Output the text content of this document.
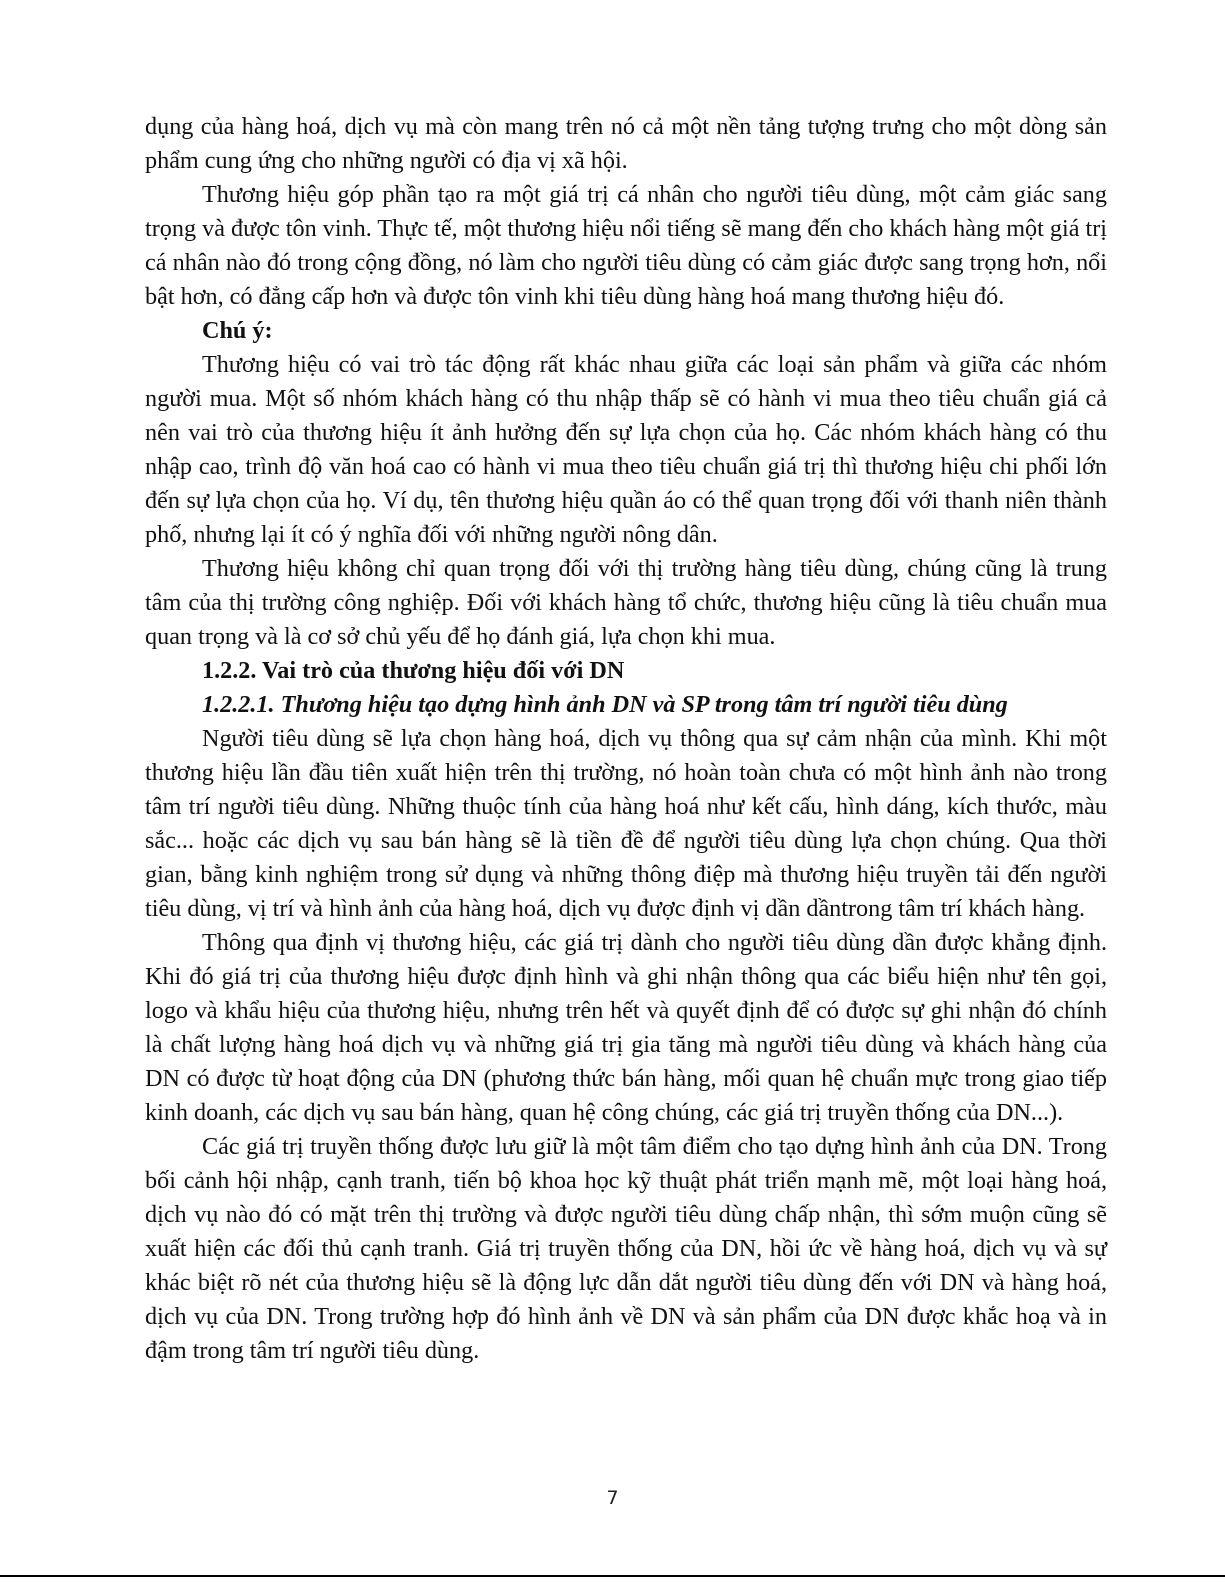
dụng của hàng hoá, dịch vụ mà còn mang trên nó cả một nền tảng tượng trưng cho một dòng sản phẩm cung ứng cho những người có địa vị xã hội.

Thương hiệu góp phần tạo ra một giá trị cá nhân cho người tiêu dùng, một cảm giác sang trọng và được tôn vinh. Thực tế, một thương hiệu nổi tiếng sẽ mang đến cho khách hàng một giá trị cá nhân nào đó trong cộng đồng, nó làm cho người tiêu dùng có cảm giác được sang trọng hơn, nổi bật hơn, có đẳng cấp hơn và được tôn vinh khi tiêu dùng hàng hoá mang thương hiệu đó.

Chú ý:

Thương hiệu có vai trò tác động rất khác nhau giữa các loại sản phẩm và giữa các nhóm người mua. Một số nhóm khách hàng có thu nhập thấp sẽ có hành vi mua theo tiêu chuẩn giá cả nên vai trò của thương hiệu ít ảnh hưởng đến sự lựa chọn của họ. Các nhóm khách hàng có thu nhập cao, trình độ văn hoá cao có hành vi mua theo tiêu chuẩn giá trị thì thương hiệu chi phối lớn đến sự lựa chọn của họ. Ví dụ, tên thương hiệu quần áo có thể quan trọng đối với thanh niên thành phố, nhưng lại ít có ý nghĩa đối với những người nông dân.

Thương hiệu không chỉ quan trọng đối với thị trường hàng tiêu dùng, chúng cũng là trung tâm của thị trường công nghiệp. Đối với khách hàng tổ chức, thương hiệu cũng là tiêu chuẩn mua quan trọng và là cơ sở chủ yếu để họ đánh giá, lựa chọn khi mua.

1.2.2. Vai trò của thương hiệu đối với DN

1.2.2.1. Thương hiệu tạo dựng hình ảnh DN và SP trong tâm trí người tiêu dùng

Người tiêu dùng sẽ lựa chọn hàng hoá, dịch vụ thông qua sự cảm nhận của mình. Khi một thương hiệu lần đầu tiên xuất hiện trên thị trường, nó hoàn toàn chưa có một hình ảnh nào trong tâm trí người tiêu dùng. Những thuộc tính của hàng hoá như kết cấu, hình dáng, kích thước, màu sắc... hoặc các dịch vụ sau bán hàng sẽ là tiền đề để người tiêu dùng lựa chọn chúng. Qua thời gian, bằng kinh nghiệm trong sử dụng và những thông điệp mà thương hiệu truyền tải đến người tiêu dùng, vị trí và hình ảnh của hàng hoá, dịch vụ được định vị dần dầntrong tâm trí khách hàng.

Thông qua định vị thương hiệu, các giá trị dành cho người tiêu dùng dần được khẳng định. Khi đó giá trị của thương hiệu được định hình và ghi nhận thông qua các biểu hiện như tên gọi, logo và khẩu hiệu của thương hiệu, nhưng trên hết và quyết định để có được sự ghi nhận đó chính là chất lượng hàng hoá dịch vụ và những giá trị gia tăng mà người tiêu dùng và khách hàng của DN có được từ hoạt động của DN (phương thức bán hàng, mối quan hệ chuẩn mực trong giao tiếp kinh doanh, các dịch vụ sau bán hàng, quan hệ công chúng, các giá trị truyền thống của DN...).

Các giá trị truyền thống được lưu giữ là một tâm điểm cho tạo dựng hình ảnh của DN. Trong bối cảnh hội nhập, cạnh tranh, tiến bộ khoa học kỹ thuật phát triển mạnh mẽ, một loại hàng hoá, dịch vụ nào đó có mặt trên thị trường và được người tiêu dùng chấp nhận, thì sớm muộn cũng sẽ xuất hiện các đối thủ cạnh tranh. Giá trị truyền thống của DN, hồi ức về hàng hoá, dịch vụ và sự khác biệt rõ nét của thương hiệu sẽ là động lực dẫn dắt người tiêu dùng đến với DN và hàng hoá, dịch vụ của DN. Trong trường hợp đó hình ảnh về DN và sản phẩm của DN được khắc hoạ và in đậm trong tâm trí người tiêu dùng.

7
